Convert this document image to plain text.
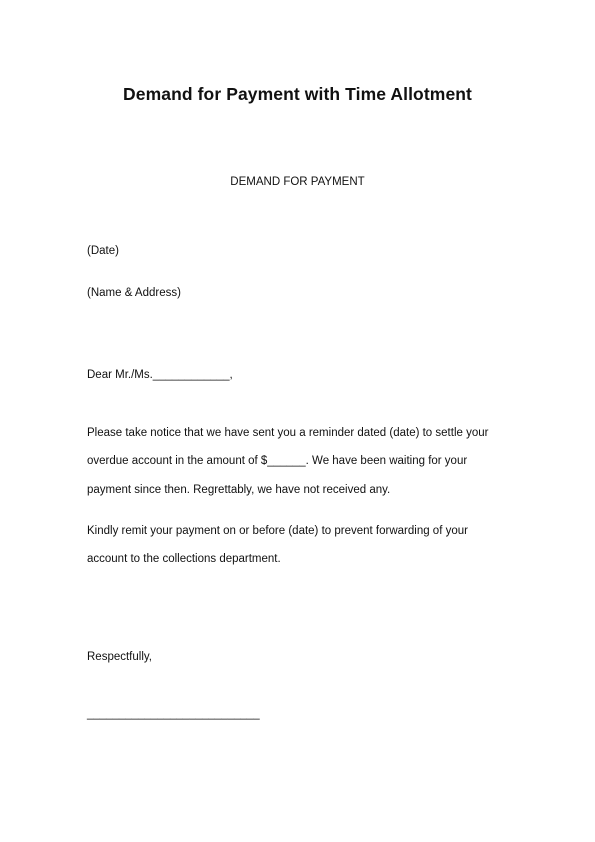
Demand for Payment with Time Allotment
DEMAND FOR PAYMENT
(Date)
(Name & Address)
Dear Mr./Ms.____________,
Please take notice that we have sent you a reminder dated (date) to settle your
overdue account in the amount of $______. We have been waiting for your
payment since then. Regrettably, we have not received any.
Kindly remit your payment on or before (date) to prevent forwarding of your
account to the collections department.
Respectfully,
___________________________
